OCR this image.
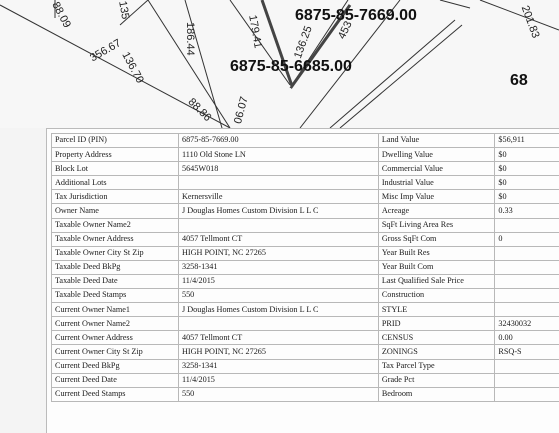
88.09	135
186.44	179.41	136.25 453	201.83
356.67
136.70
88.86 06.07
6875-85-7669.00
6875-85-6685.00
68
Parcel ID (PIN)	6875-85-7669.00	Land Value	$56,911
Property Address	1110 Old Stone LN	Dwelling Value	$0
Block Lot	5645W018	Commercial Value	$0
Additional Lots		Industrial Value	$0
Tax Jurisdiction	Kernersville	Misc Imp Value	$0
Owner Name	J Douglas Homes Custom Division L L C	Acreage	0.33
Taxable Owner Name2		SqFt Living Area Res	
Taxable Owner Address	4057 Tellmont CT	Gross SqFt Com	0
Taxable Owner City St Zip	HIGH POINT, NC 27265	Year Built Res	
Taxable Deed BkPg	3258-1341	Year Built Com	
Taxable Deed Date	11/4/2015	Last Qualified Sale Price	
Taxable Deed Stamps	550	Construction	
Current Owner Name1	J Douglas Homes Custom Division L L C	STYLE	
Current Owner Name2		PRID	32430032
Current Owner Address	4057 Tellmont CT	CENSUS	0.00
Current Owner City St Zip	HIGH POINT, NC 27265	ZONINGS	RSQ-S
Current Deed BkPg	3258-1341	Tax Parcel Type	
Current Deed Date	11/4/2015	Grade Pct	
Current Deed Stamps	550	Bedroom	
